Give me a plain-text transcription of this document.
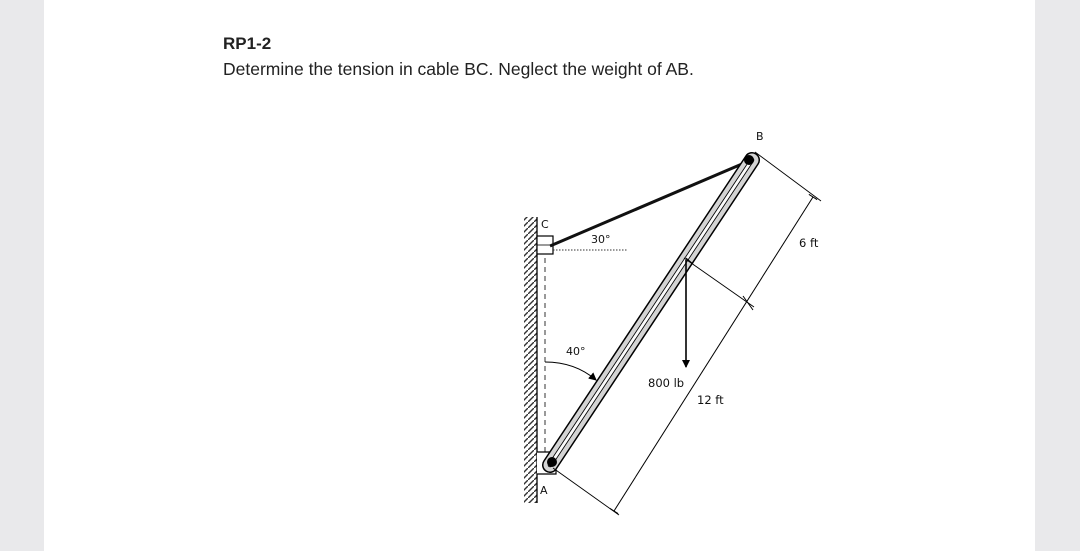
RP1-2
Determine the tension in cable BC. Neglect the weight of AB.
C
B
A
30°
40°
800 lb
6 ft
12 ft
